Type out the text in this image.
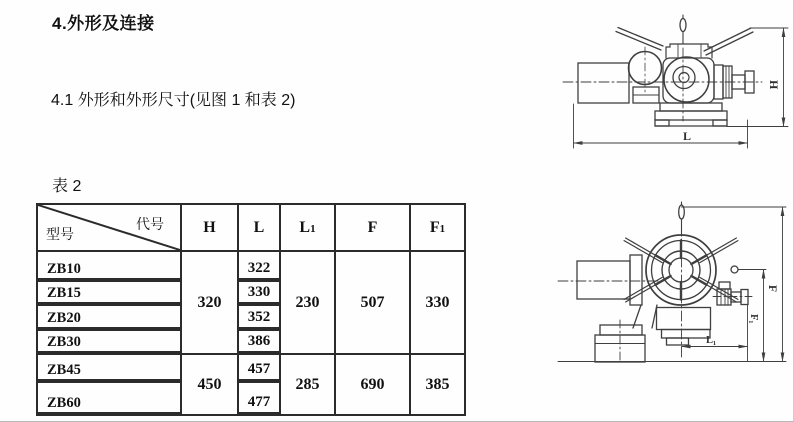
4.外形及连接
4.1 外形和外形尺寸(见图 1 和表 2)
表 2
型号
代号	H	L	L1	F	F1

ZB10	320	322	230	507	330

ZB15		330			

ZB20		352			

ZB30		386			

ZB45	450	457	285	690	385

ZB60		477			
H
L
F
F₁
L₁
